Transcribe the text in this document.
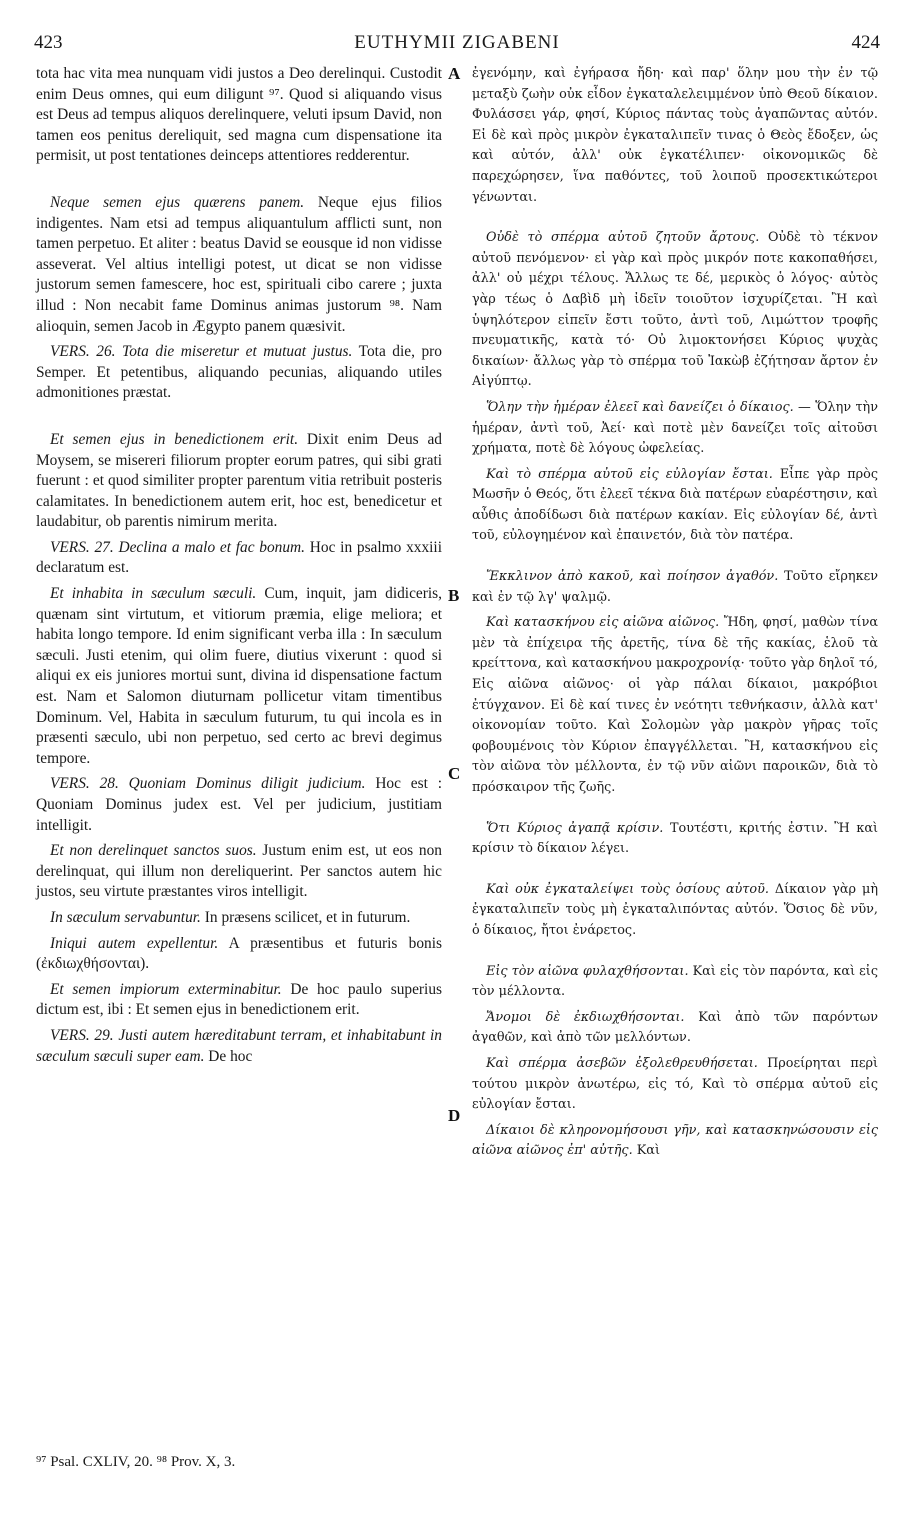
423	EUTHYMII ZIGABENI	424
A
B
C
D

tota hac vita mea nunquam vidi justos a Deo derelinqui. Custodit enim Deus omnes, qui eum diligunt ⁹⁷. Quod si aliquando visus est Deus ad tempus aliquos derelinquere, veluti ipsum David, non tamen eos penitus dereliquit, sed magna cum dispensatione ita permisit, ut post tentationes deinceps attentiores redderentur.

Neque semen ejus quærens panem. Neque ejus filios indigentes. Nam etsi ad tempus aliquantulum afflicti sunt, non tamen perpetuo. Et aliter : beatus David se eousque id non vidisse asseverat. Vel altius intelligi potest, ut dicat se non vidisse justorum semen famescere, hoc est, spirituali cibo carere ; juxta illud : Non necabit fame Dominus animas justorum ⁹⁸. Nam alioquin, semen Jacob in Ægypto panem quæsivit.

VERS. 26. Tota die miseretur et mutuat justus. Tota die, pro Semper. Et petentibus, aliquando pecunias, aliquando utiles admonitiones præstat.

Et semen ejus in benedictionem erit. Dixit enim Deus ad Moysem, se misereri filiorum propter eorum patres, qui sibi grati fuerunt : et quod similiter propter parentum vitia retribuit posteris calamitates. In benedictionem autem erit, hoc est, benedicetur et laudabitur, ob parentis nimirum merita.

VERS. 27. Declina a malo et fac bonum. Hoc in psalmo xxxiii declaratum est.

Et inhabita in sæculum sæculi. Cum, inquit, jam didiceris, quænam sint virtutum, et vitiorum præmia, elige meliora; et habita longo tempore. Id enim significant verba illa : In sæculum sæculi. Justi etenim, qui olim fuere, diutius vixerunt : quod si aliqui ex eis juniores mortui sunt, divina id dispensatione factum est. Nam et Salomon diuturnam pollicetur vitam timentibus Dominum. Vel, Habita in sæculum futurum, tu qui incola es in præsenti sæculo, ubi non perpetuo, sed certo ac brevi degimus tempore.

VERS. 28. Quoniam Dominus diligit judicium. Hoc est : Quoniam Dominus judex est. Vel per judicium, justitiam intelligit.

Et non derelinquet sanctos suos. Justum enim est, ut eos non derelinquat, qui illum non dereliquerint. Per sanctos autem hic justos, seu virtute præstantes viros intelligit.

In sæculum servabuntur. In præsens scilicet, et in futurum.

Iniqui autem expellentur. A præsentibus et futuris bonis (ἐκδιωχθήσονται).

Et semen impiorum exterminabitur. De hoc paulo superius dictum est, ibi : Et semen ejus in benedictionem erit.

VERS. 29. Justi autem hæreditabunt terram, et inhabitabunt in sæculum sæculi super eam. De hoc

ἐγενόμην, καὶ ἐγήρασα ἤδη· καὶ παρ' ὅλην μου τὴν ἐν τῷ μεταξὺ ζωὴν οὐκ εἶδον ἐγκαταλελειμμένον ὑπὸ Θεοῦ δίκαιον. Φυλάσσει γάρ, φησί, Κύριος πάντας τοὺς ἀγαπῶντας αὐτόν. Εἰ δὲ καὶ πρὸς μικρὸν ἐγκαταλιπεῖν τινας ὁ Θεὸς ἔδοξεν, ὡς καὶ αὐτόν, ἀλλ' οὐκ ἐγκατέλιπεν· οἰκονομικῶς δὲ παρεχώρησεν, ἵνα παθόντες, τοῦ λοιποῦ προσεκτικώτεροι γένωνται.

Οὐδὲ τὸ σπέρμα αὐτοῦ ζητοῦν ἄρτους. Οὐδὲ τὸ τέκνον αὐτοῦ πενόμενον· εἰ γὰρ καὶ πρὸς μικρόν ποτε κακοπαθήσει, ἀλλ' οὐ μέχρι τέλους. Ἄλλως τε δέ, μερικὸς ὁ λόγος· αὐτὸς γὰρ τέως ὁ Δαβὶδ μὴ ἰδεῖν τοιοῦτον ἰσχυρίζεται. Ἢ καὶ ὑψηλότερον εἰπεῖν ἔστι τοῦτο, ἀντὶ τοῦ, Λιμώττον τροφῆς πνευματικῆς, κατὰ τό· Οὐ λιμοκτονήσει Κύριος ψυχὰς δικαίων· ἄλλως γὰρ τὸ σπέρμα τοῦ Ἰακὼβ ἐζήτησαν ἄρτον ἐν Αἰγύπτῳ.

Ὅλην τὴν ἡμέραν ἐλεεῖ καὶ δανείζει ὁ δίκαιος. — Ὅλην τὴν ἡμέραν, ἀντὶ τοῦ, Ἀεί· καὶ ποτὲ μὲν δανείζει τοῖς αἰτοῦσι χρήματα, ποτὲ δὲ λόγους ὠφελείας.

Καὶ τὸ σπέρμα αὐτοῦ εἰς εὐλογίαν ἔσται. Εἶπε γὰρ πρὸς Μωσῆν ὁ Θεός, ὅτι ἐλεεῖ τέκνα διὰ πατέρων εὐαρέστησιν, καὶ αὖθις ἀποδίδωσι διὰ πατέρων κακίαν. Εἰς εὐλογίαν δέ, ἀντὶ τοῦ, εὐλογημένον καὶ ἐπαινετόν, διὰ τὸν πατέρα.

Ἔκκλινον ἀπὸ κακοῦ, καὶ ποίησον ἀγαθόν. Τοῦτο εἴρηκεν καὶ ἐν τῷ λγ' ψαλμῷ.

Καὶ κατασκήνου εἰς αἰῶνα αἰῶνος. Ἤδη, φησί, μαθὼν τίνα μὲν τὰ ἐπίχειρα τῆς ἀρετῆς, τίνα δὲ τῆς κακίας, ἑλοῦ τὰ κρείττονα, καὶ κατασκήνου μακροχρονίᾳ· τοῦτο γὰρ δηλοῖ τό, Εἰς αἰῶνα αἰῶνος· οἱ γὰρ πάλαι δίκαιοι, μακρόβιοι ἐτύγχανον. Εἰ δὲ καί τινες ἐν νεότητι τεθνήκασιν, ἀλλὰ κατ' οἰκονομίαν τοῦτο. Καὶ Σολομὼν γὰρ μακρὸν γῆρας τοῖς φοβουμένοις τὸν Κύριον ἐπαγγέλλεται. Ἢ, κατασκήνου εἰς τὸν αἰῶνα τὸν μέλλοντα, ἐν τῷ νῦν αἰῶνι παροικῶν, διὰ τὸ πρόσκαιρον τῆς ζωῆς.

Ὅτι Κύριος ἀγαπᾷ κρίσιν. Τουτέστι, κριτής ἐστιν. Ἢ καὶ κρίσιν τὸ δίκαιον λέγει.

Καὶ οὐκ ἐγκαταλείψει τοὺς ὁσίους αὐτοῦ. Δίκαιον γὰρ μὴ ἐγκαταλιπεῖν τοὺς μὴ ἐγκαταλιπόντας αὐτόν. Ὅσιος δὲ νῦν, ὁ δίκαιος, ἤτοι ἐνάρετος.

Εἰς τὸν αἰῶνα φυλαχθήσονται. Καὶ εἰς τὸν παρόντα, καὶ εἰς τὸν μέλλοντα.

Ἄνομοι δὲ ἐκδιωχθήσονται. Καὶ ἀπὸ τῶν παρόντων ἀγαθῶν, καὶ ἀπὸ τῶν μελλόντων.

Καὶ σπέρμα ἀσεβῶν ἐξολεθρευθήσεται. Προείρηται περὶ τούτου μικρὸν ἀνωτέρω, εἰς τό, Καὶ τὸ σπέρμα αὐτοῦ εἰς εὐλογίαν ἔσται.

Δίκαιοι δὲ κληρονομήσουσι γῆν, καὶ κατασκηνώσουσιν εἰς αἰῶνα αἰῶνος ἐπ' αὐτῆς. Καὶ

⁹⁷ Psal. CXLIV, 20. ⁹⁸ Prov. X, 3.
